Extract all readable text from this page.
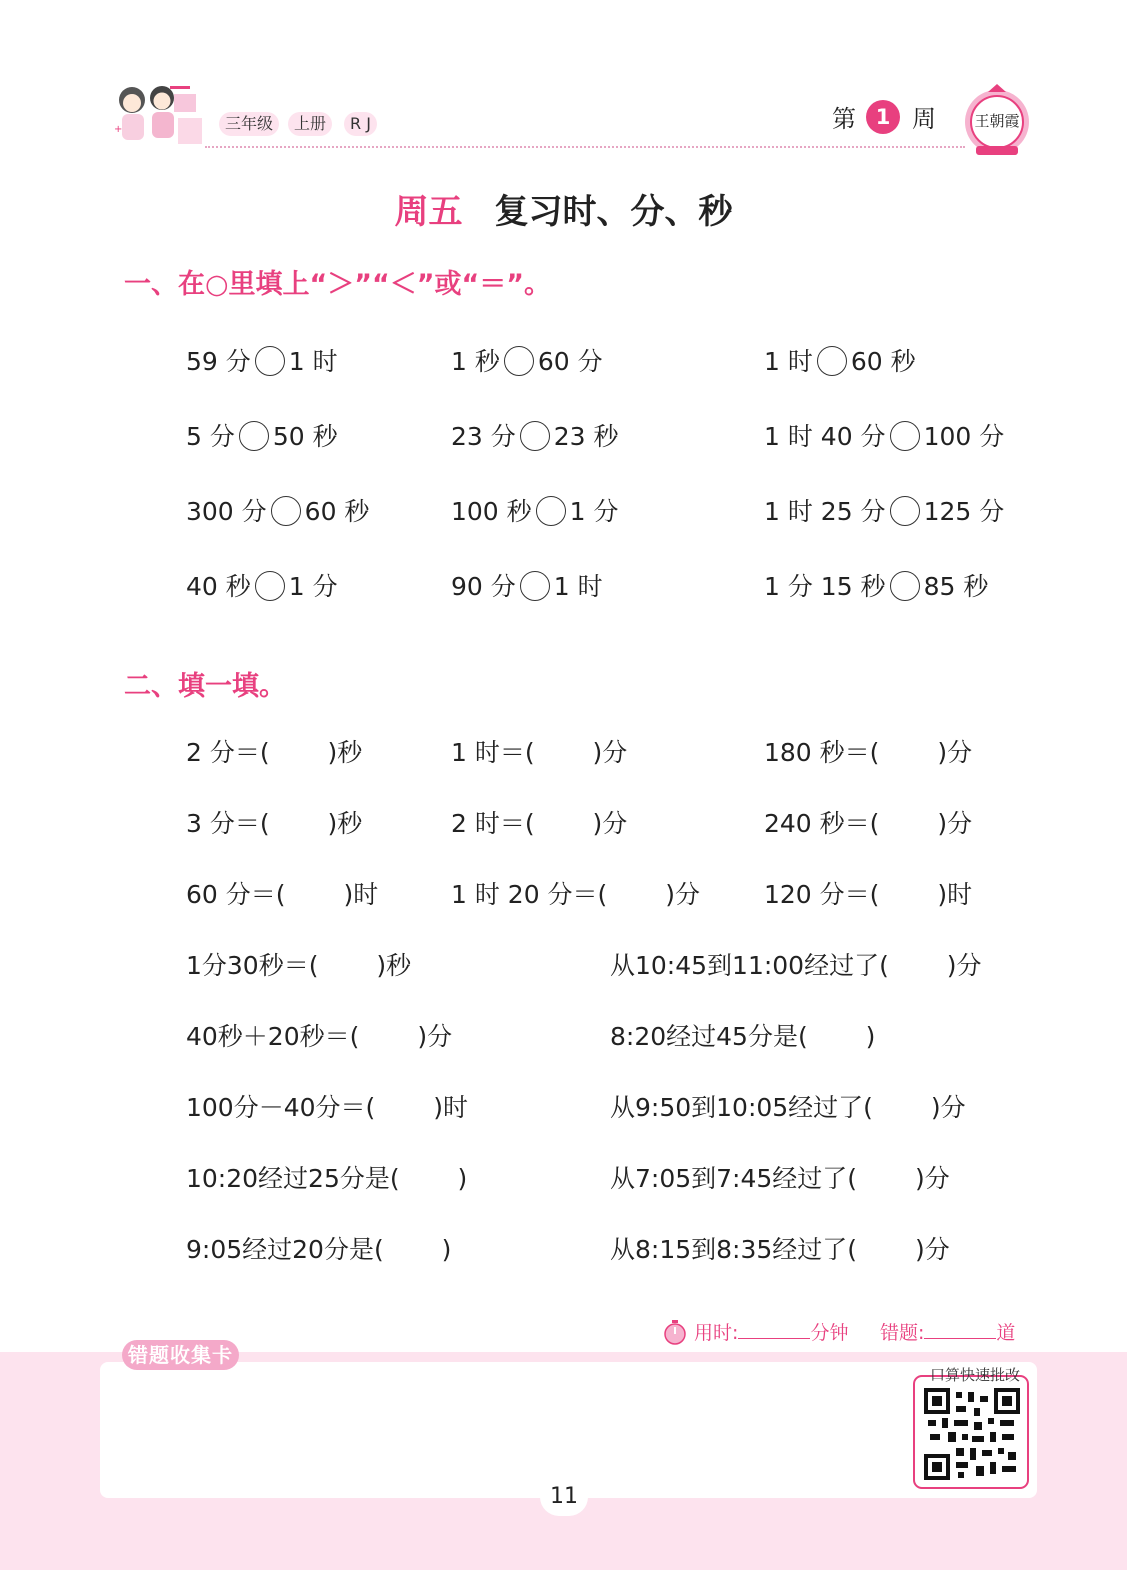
+	三年级	上册	R J	第 1 周	王朝霞
周五 复习时、分、秒
一、在○里填上“＞”“＜”或“＝”。
59 分 1 时	1 秒 60 分	1 时 60 秒
5 分 50 秒	23 分 23 秒	1 时 40 分 100 分
300 分 60 秒	100 秒 1 分	1 时 25 分 125 分
40 秒 1 分	90 分 1 时	1 分 15 秒 85 秒
二、填一填。
2 分＝(　　 )秒	1 时＝(　　 )分	180 秒＝(　　 )分
3 分＝(　　 )秒	2 时＝(　　 )分	240 秒＝(　　 )分
60 分＝(　　 )时	1 时 20 分＝(　　 )分	120 分＝(　　 )时
1分30秒＝(　　 )秒	从10:45到11:00经过了(　　 )分
40秒＋20秒＝(　　 )分	8:20经过45分是(　　 )
100分－40分＝(　　 )时	从9:50到10:05经过了(　　 )分
10:20经过25分是(　　 )	从7:05到7:45经过了(　　 )分
9:05经过20分是(　　 )	从8:15到8:35经过了(　　 )分
用时:	分钟 错题:	道
错题收集卡
口算快速批改
11
